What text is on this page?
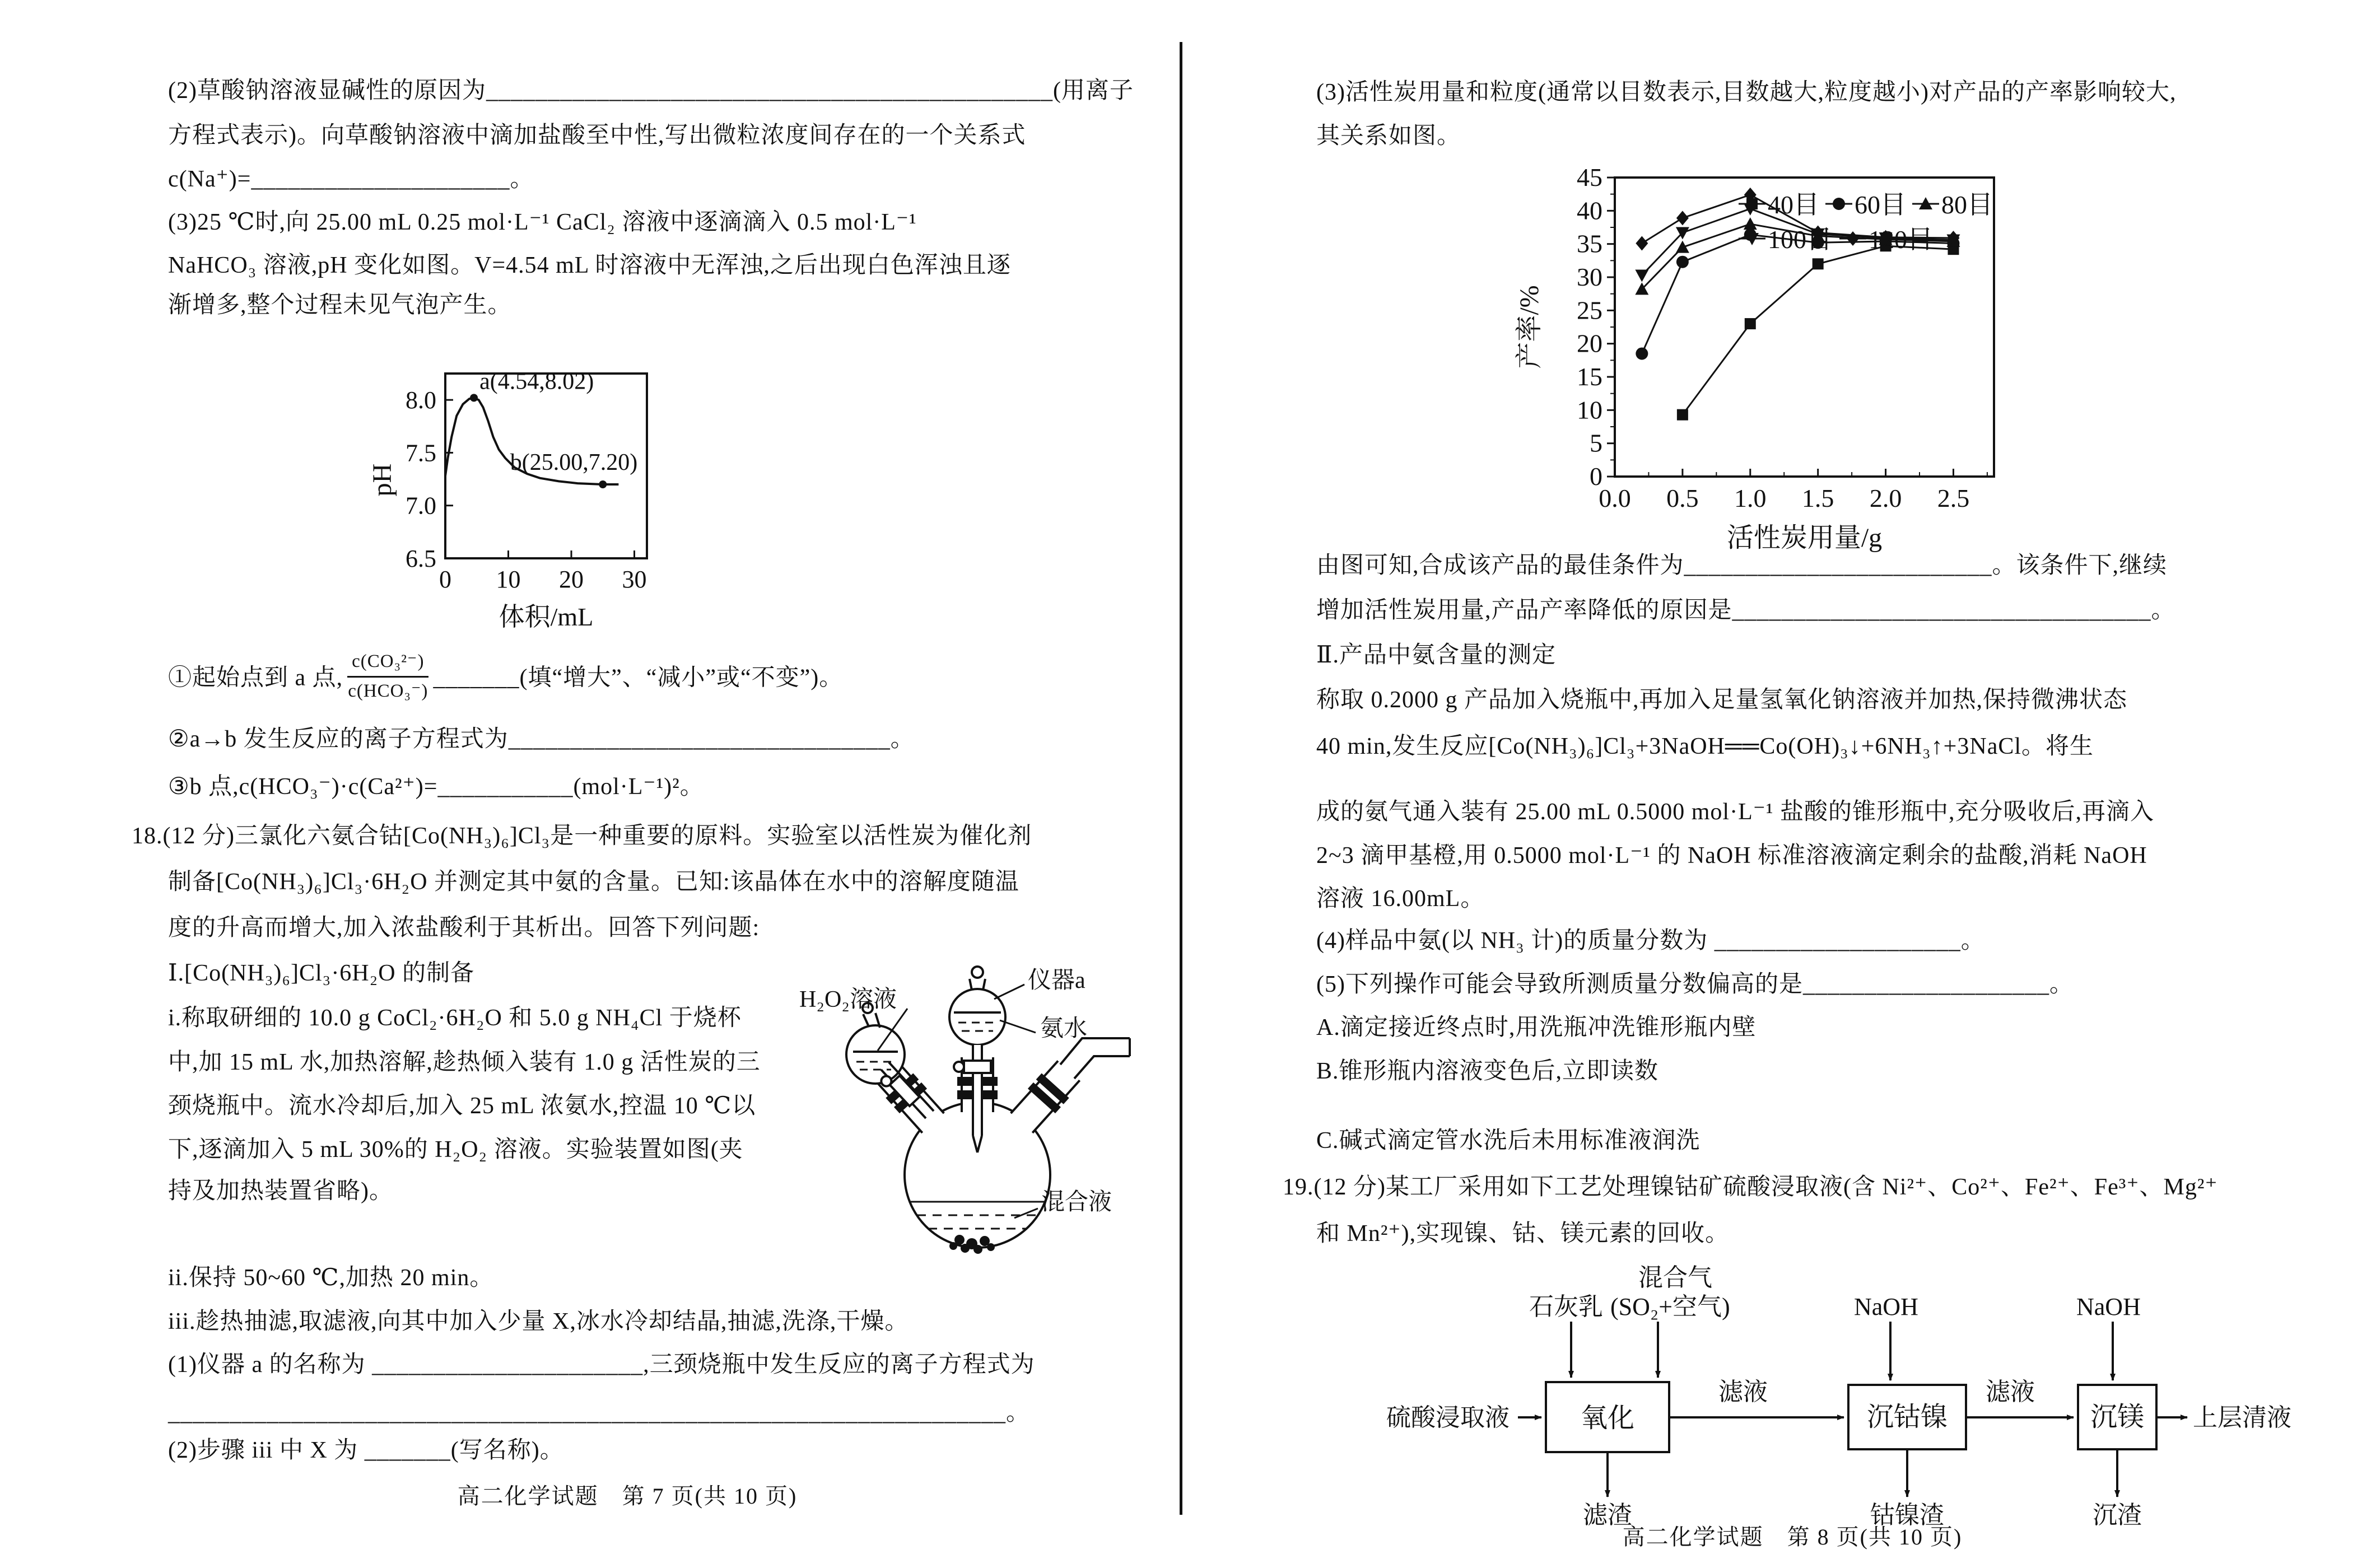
(2)草酸钠溶液显碱性的原因为______________________________________________(用离子
方程式表示)。向草酸钠溶液中滴加盐酸至中性,写出微粒浓度间存在的一个关系式
c(Na⁺)=_____________________。
(3)25 ℃时,向 25.00 mL 0.25 mol·L⁻¹ CaCl₂ 溶液中逐滴滴入 0.5 mol·L⁻¹
NaHCO₃ 溶液,pH 变化如图。V=4.54 mL 时溶液中无浑浊,之后出现白色浑浊且逐
渐增多,整个过程未见气泡产生。
0 10 20 30
6.5
7.0
7.5
8.0
a(4.54,8.02)
b(25.00,7.20)
pH
体积/mL
①起始点到 a 点, $\frac{\text{c(CO₃²⁻)}}{\text{c(HCO₃⁻)}}$ _______(填“增大”、“减小”或“不变”)。
②a→b 发生反应的离子方程式为_______________________________。
③b 点,c(HCO₃⁻)·c(Ca²⁺)=___________(mol·L⁻¹)²。
18.(12 分)三氯化六氨合钴[Co(NH₃)₆]Cl₃是一种重要的原料。实验室以活性炭为催化剂
制备[Co(NH₃)₆]Cl₃·6H₂O 并测定其中氨的含量。已知:该晶体在水中的溶解度随温
度的升高而增大,加入浓盐酸利于其析出。回答下列问题:
Ⅰ.[Co(NH₃)₆]Cl₃·6H₂O 的制备
i.称取研细的 10.0 g CoCl₂·6H₂O 和 5.0 g NH₄Cl 于烧杯
中,加 15 mL 水,加热溶解,趁热倾入装有 1.0 g 活性炭的三
颈烧瓶中。流水冷却后,加入 25 mL 浓氨水,控温 10 ℃以
下,逐滴加入 5 mL 30%的 H₂O₂ 溶液。实验装置如图(夹
持及加热装置省略)。
ii.保持 50~60 ℃,加热 20 min。
iii.趁热抽滤,取滤液,向其中加入少量 X,冰水冷却结晶,抽滤,洗涤,干燥。
(1)仪器 a 的名称为 ______________________,三颈烧瓶中发生反应的离子方程式为
____________________________________________________________________。
(2)步骤 iii 中 X 为 _______(写名称)。
高二化学试题　第 7 页(共 10 页)
H₂O₂溶液
仪器a
氨水
混合液
(3)活性炭用量和粒度(通常以目数表示,目数越大,粒度越小)对产品的产率影响较大,
其关系如图。
0
5
10
15
20
25
30
35
40
45
0.0 0.5 1.0 1.5 2.0 2.5
40目 60目 80目
100目 120目
产率/%
活性炭用量/g
由图可知,合成该产品的最佳条件为_________________________。该条件下,继续
增加活性炭用量,产品产率降低的原因是__________________________________。
Ⅱ.产品中氨含量的测定
称取 0.2000 g 产品加入烧瓶中,再加入足量氢氧化钠溶液并加热,保持微沸状态
40 min,发生反应[Co(NH₃)₆]Cl₃+3NaOH══Co(OH)₃↓+6NH₃↑+3NaCl。将生
成的氨气通入装有 25.00 mL 0.5000 mol·L⁻¹ 盐酸的锥形瓶中,充分吸收后,再滴入
2~3 滴甲基橙,用 0.5000 mol·L⁻¹ 的 NaOH 标准溶液滴定剩余的盐酸,消耗 NaOH
溶液 16.00mL。
(4)样品中氨(以 NH₃ 计)的质量分数为 ____________________。
(5)下列操作可能会导致所测质量分数偏高的是____________________。
A.滴定接近终点时,用洗瓶冲洗锥形瓶内壁
B.锥形瓶内溶液变色后,立即读数
C.碱式滴定管水洗后未用标准液润洗
19.(12 分)某工厂采用如下工艺处理镍钴矿硫酸浸取液(含 Ni²⁺、Co²⁺、Fe²⁺、Fe³⁺、Mg²⁺
和 Mn²⁺),实现镍、钴、镁元素的回收。
高二化学试题　第 8 页(共 10 页)
混合气
石灰乳 (SO₂+空气)	NaOH	NaOH
硫酸浸取液
滤液	滤液
上层清液
滤渣	钴镍渣	沉渣
氧化	沉钴镍	沉镁
